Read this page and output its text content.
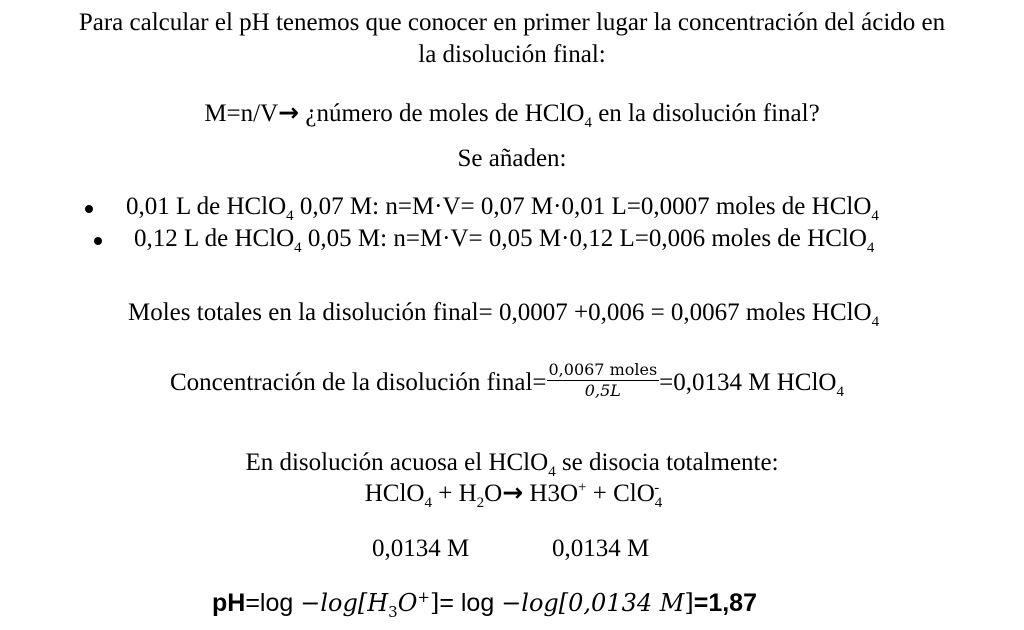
Para calcular el pH tenemos que conocer en primer lugar la concentración del ácido en
la disolución final:
M=n/V→ ¿número de moles de HClO$_4$ en la disolución final?
Se añaden:
0,01 L de HClO$_4$ 0,07 M: n=M·V= 0,07 M·0,01 L=0,0007 moles de HClO$_4$
0,12 L de HClO$_4$ 0,05 M: n=M·V= 0,05 M·0,12 L=0,006 moles de HClO$_4$
Moles totales en la disolución final= 0,0007 +0,006 = 0,0067 moles HClO$_4$
Concentración de la disolución final= $\frac{\text{0,0067 moles}}{0,5L} =0,0134$ M HClO$_4$
En disolución acuosa el HClO$_4$ se disocia totalmente:
HClO$_4$ + $H_2O\to H3O^+ + ClO_4^-$
0,0134 M	0,0134 M
$pH=\log -\log[H_3O^+]= \log -\log[0,0134$ M]=1,87
